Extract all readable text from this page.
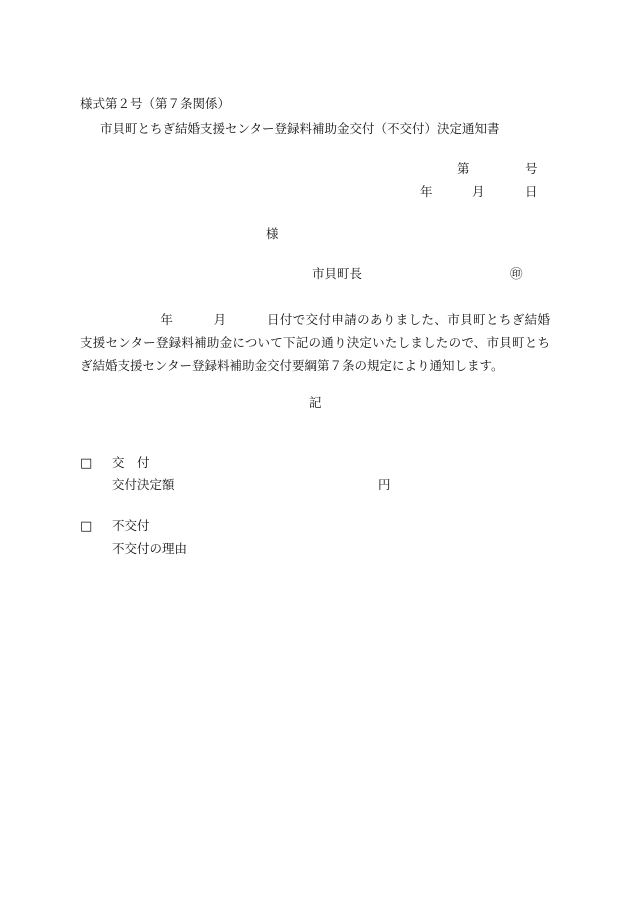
様式第２号（第７条関係）
市貝町とちぎ結婚支援センター登録料補助金交付（不交付）決定通知書
第	号
年	月	日
様
市貝町長	㊞
年	月	日付で交付申請のありました、市貝町とちぎ結婚支援センター登録料補助金について下記の通り決定いたしましたので、市貝町とちぎ結婚支援センター登録料補助金交付要綱第７条の規定により通知します。
記
□ 交　付
交付決定額	円
□ 不交付
不交付の理由
